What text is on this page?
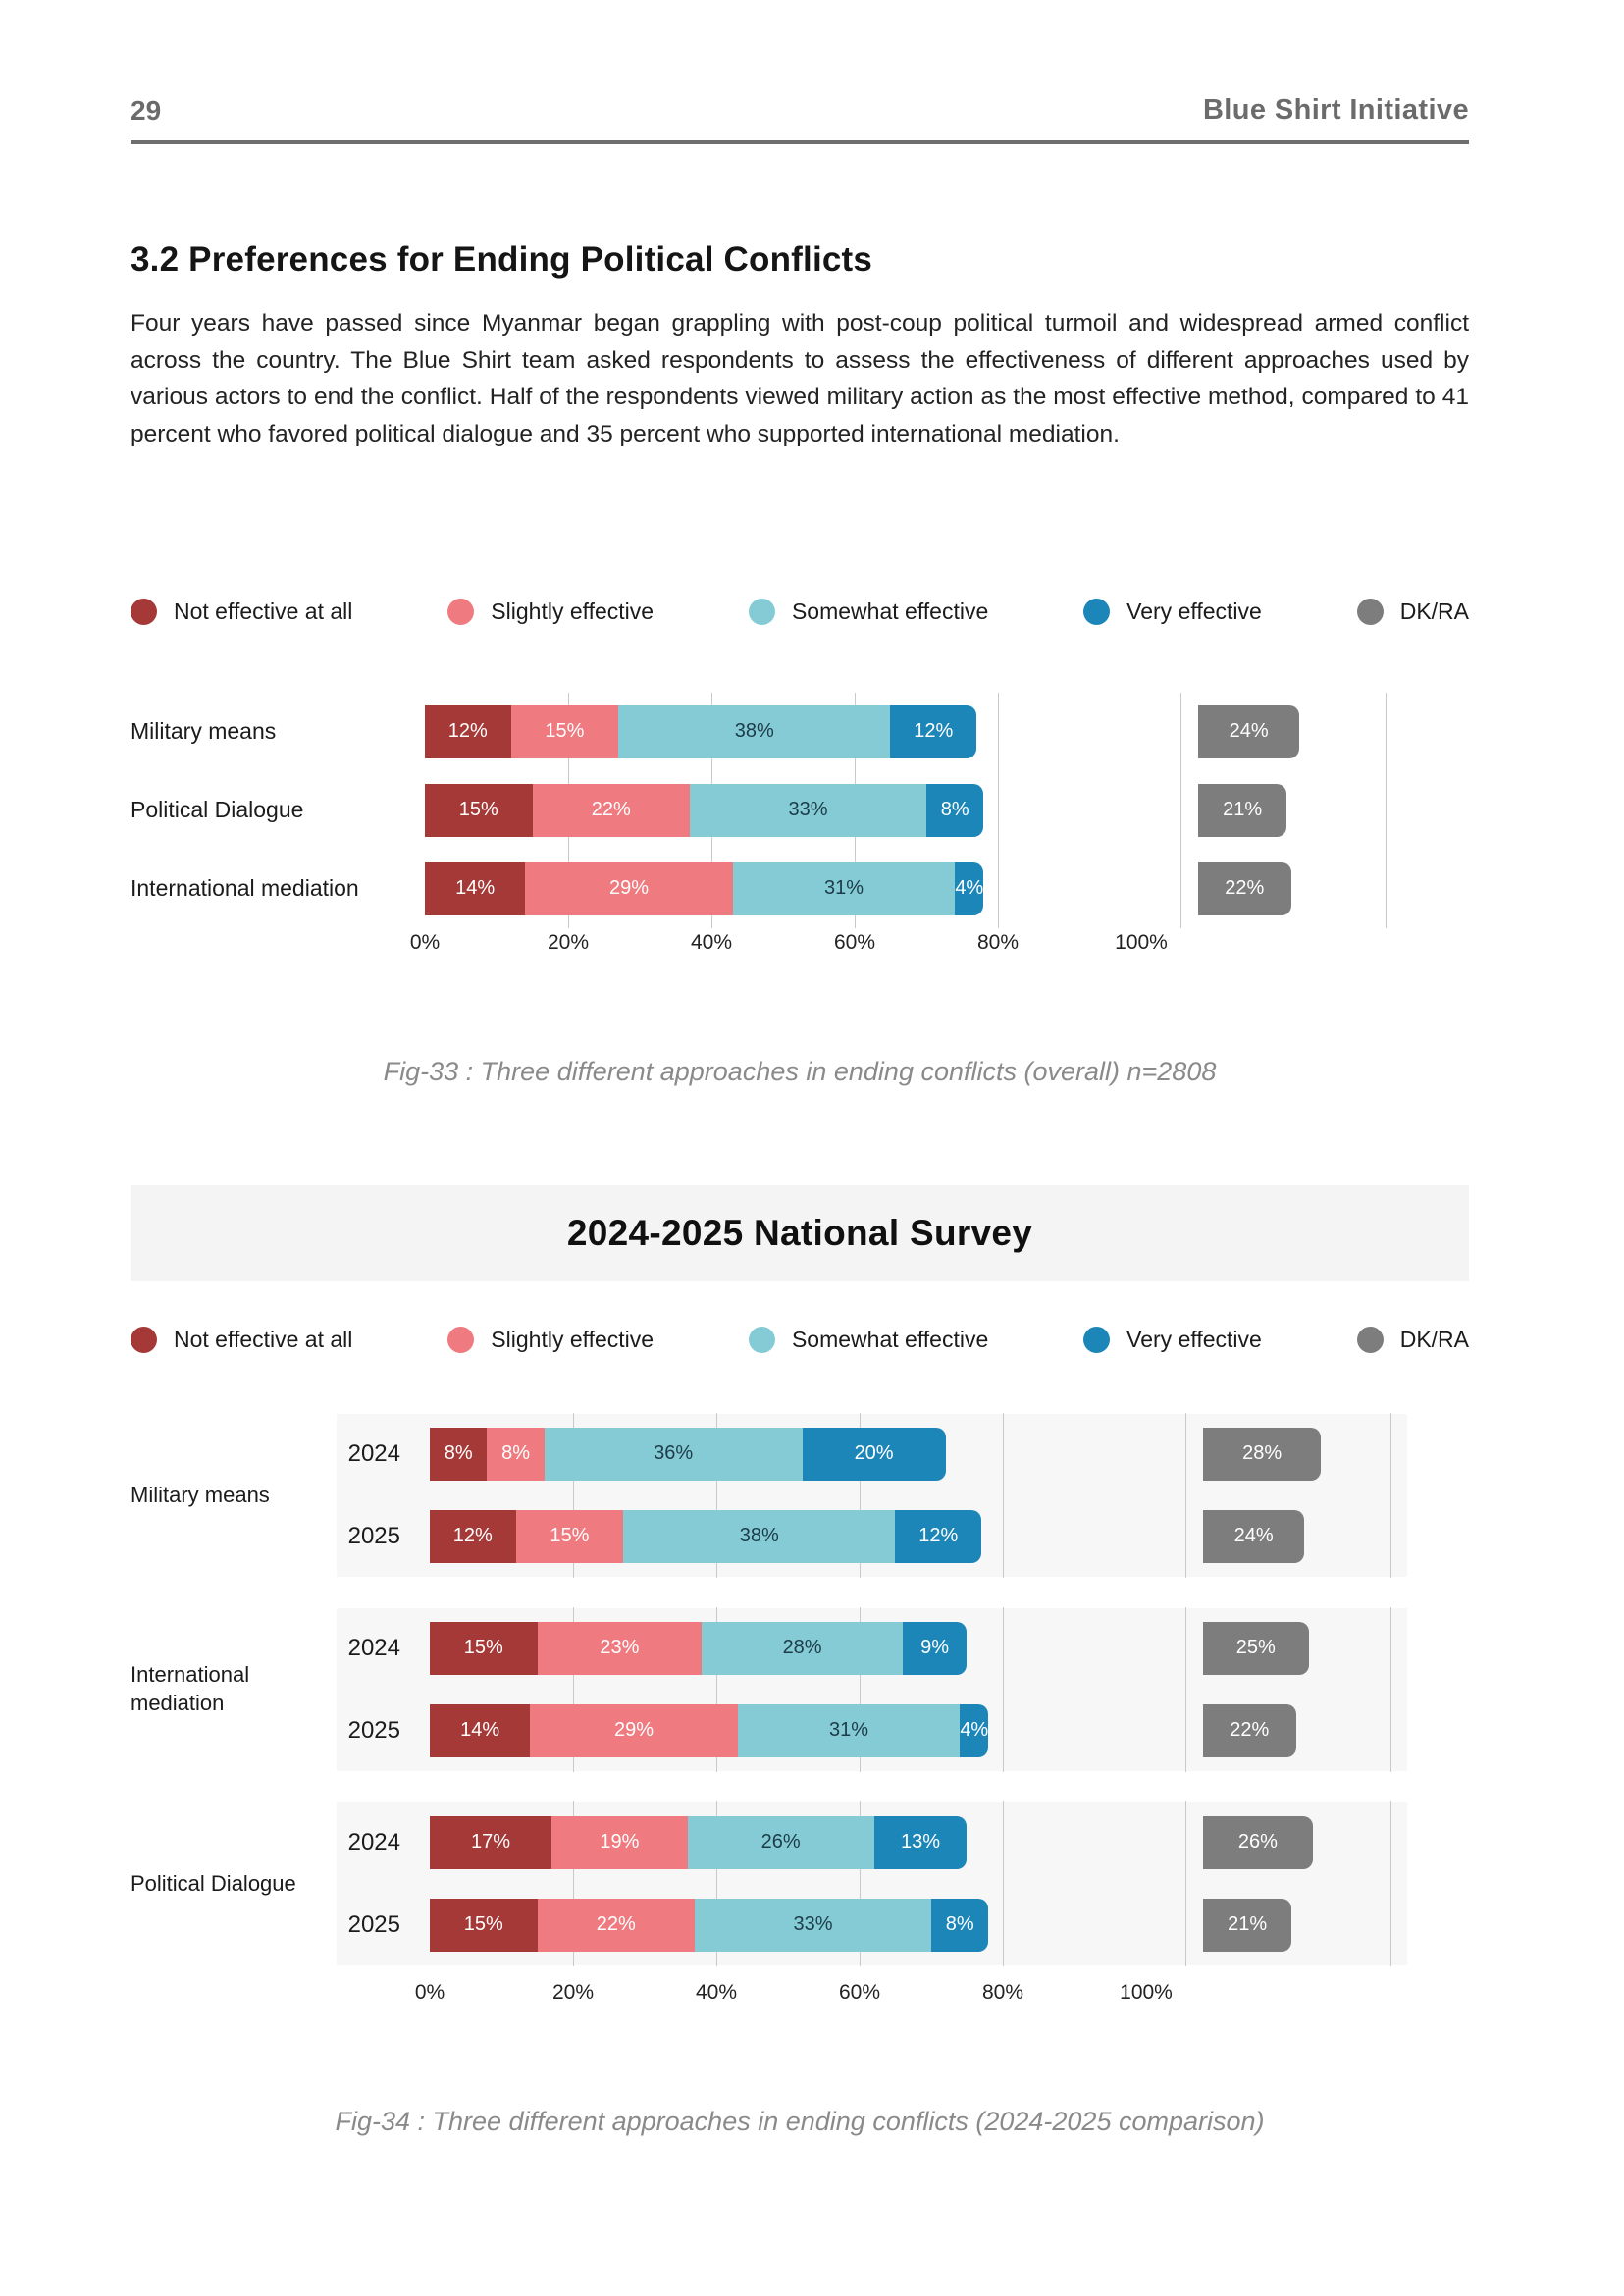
29	Blue Shirt Initiative
3.2 Preferences for Ending Political Conflicts

Four years have passed since Myanmar began grappling with post-coup political turmoil and widespread armed conflict across the country. The Blue Shirt team asked respondents to assess the effectiveness of different approaches used by various actors to end the conflict. Half of the respondents viewed military action as the most effective method, compared to 41 percent who favored political dialogue and 35 percent who supported international mediation.

Not effective at all	Slightly effective	Somewhat effective	Very effective	DK/RA
Military means	12%	15%	38%	12%	24%
Political Dialogue	15%	22%	33%	8%	21%
International mediation	14%	29%	31%	4%	22%
0%	20%	40%	60%	80%	100%

Fig-33 : Three different approaches in ending conflicts (overall) n=2808

2024-2025 National Survey
Not effective at all	Slightly effective	Somewhat effective	Very effective	DK/RA
Military means
2024	8%	8%	36%	20%	28%
2025	12%	15%	38%	12%	24%
International mediation
2024	15%	23%	28%	9%	25%
2025	14%	29%	31%	4%	22%
Political Dialogue
2024	17%	19%	26%	13%	26%
2025	15%	22%	33%	8%	21%
0%	20%	40%	60%	80%	100%

Fig-34 : Three different approaches in ending conflicts (2024-2025 comparison)
